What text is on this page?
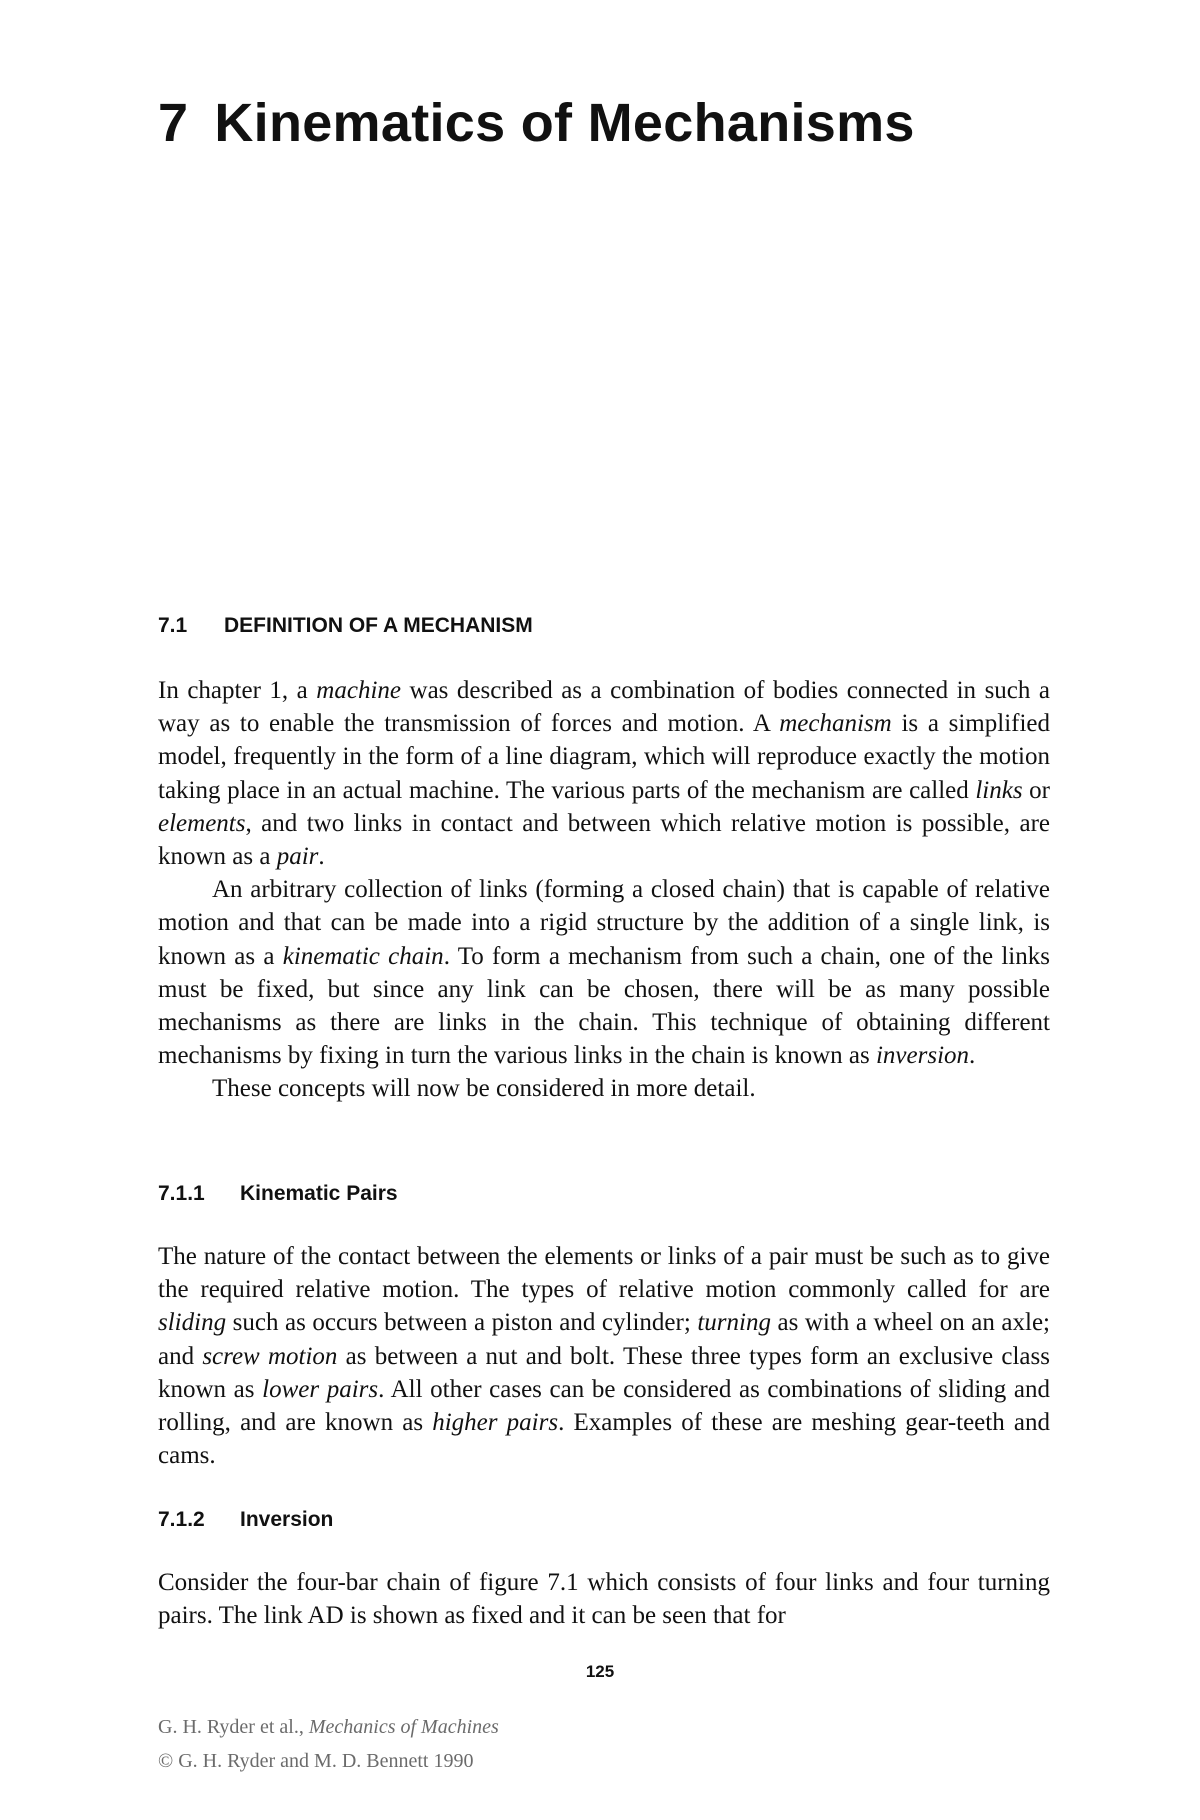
7 Kinematics of Mechanisms
7.1 DEFINITION OF A MECHANISM

In chapter 1, a machine was described as a combination of bodies connected in such a way as to enable the transmission of forces and motion. A mechanism is a simplified model, frequently in the form of a line diagram, which will reproduce exactly the motion taking place in an actual machine. The various parts of the mechanism are called links or elements, and two links in contact and between which relative motion is possible, are known as a pair.

An arbitrary collection of links (forming a closed chain) that is capable of relative motion and that can be made into a rigid structure by the addition of a single link, is known as a kinematic chain. To form a mechanism from such a chain, one of the links must be fixed, but since any link can be chosen, there will be as many possible mechanisms as there are links in the chain. This technique of obtaining different mechanisms by fixing in turn the various links in the chain is known as inversion.

These concepts will now be considered in more detail.

7.1.1 Kinematic Pairs

The nature of the contact between the elements or links of a pair must be such as to give the required relative motion. The types of relative motion commonly called for are sliding such as occurs between a piston and cylinder; turning as with a wheel on an axle; and screw motion as between a nut and bolt. These three types form an exclusive class known as lower pairs. All other cases can be considered as combinations of sliding and rolling, and are known as higher pairs. Examples of these are meshing gear-teeth and cams.

7.1.2 Inversion

Consider the four-bar chain of figure 7.1 which consists of four links and four turning pairs. The link AD is shown as fixed and it can be seen that for

125
G. H. Ryder et al., Mechanics of Machines
© G. H. Ryder and M. D. Bennett 1990
